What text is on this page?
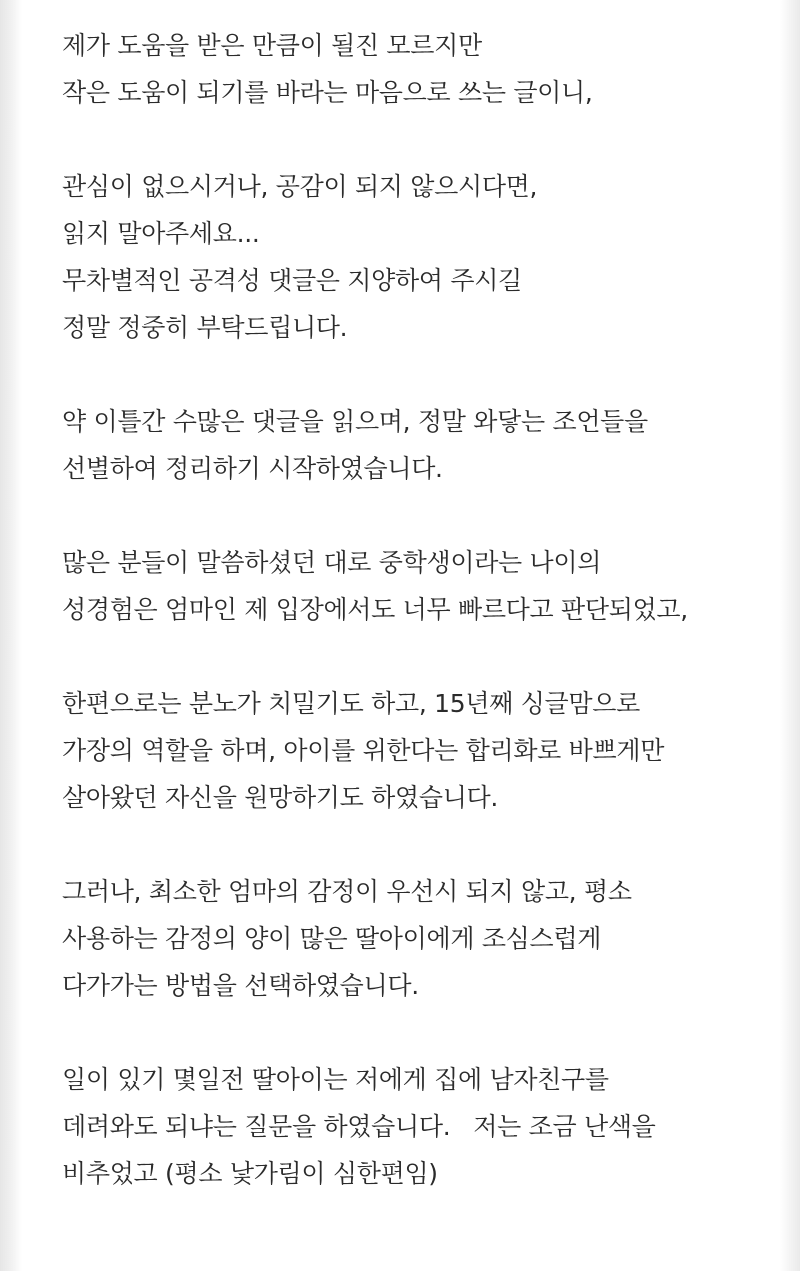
제가 도움을 받은 만큼이 될진 모르지만
작은 도움이 되기를 바라는 마음으로 쓰는 글이니,
관심이 없으시거나, 공감이 되지 않으시다면,
읽지 말아주세요...
무차별적인 공격성 댓글은 지양하여 주시길
정말 정중히 부탁드립니다.
약 이틀간 수많은 댓글을 읽으며, 정말 와닿는 조언들을
선별하여 정리하기 시작하였습니다.
많은 분들이 말씀하셨던 대로 중학생이라는 나이의
성경험은 엄마인 제 입장에서도 너무 빠르다고 판단되었고,
한편으로는 분노가 치밀기도 하고, 15년째 싱글맘으로
가장의 역할을 하며, 아이를 위한다는 합리화로 바쁘게만
살아왔던 자신을 원망하기도 하였습니다.
그러나, 최소한 엄마의 감정이 우선시 되지 않고, 평소
사용하는 감정의 양이 많은 딸아이에게 조심스럽게
다가가는 방법을 선택하였습니다.
일이 있기 몇일전 딸아이는 저에게 집에 남자친구를
데려와도 되냐는 질문을 하였습니다.   저는 조금 난색을
비추었고 (평소 낯가림이 심한편임)
